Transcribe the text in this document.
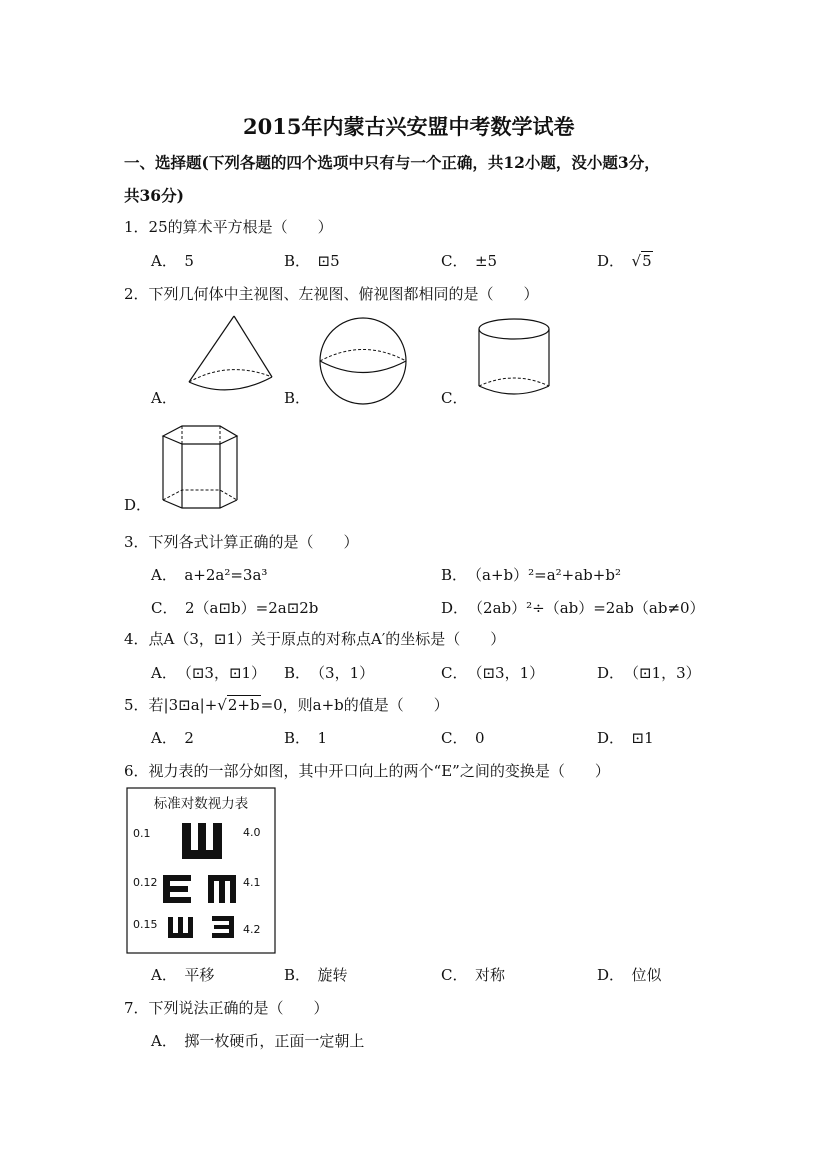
2015年内蒙古兴安盟中考数学试卷
一、选择题(下列各题的四个选项中只有与一个正确，共12小题，没小题3分，
共36分)
1．25的算术平方根是（　　）
A．　5	B．　⊡5	C．　±5	D．　√5
2．下列几何体中主视图、左视图、俯视图都相同的是（　　）
A．	B．	C．
D．
3．下列各式计算正确的是（　　）
A．　a+2a²=3a³	B．　（a+b）²=a²+ab+b²
C．　2（a⊡b）=2a⊡2b	D．　（2ab）²÷（ab）=2ab（ab≠0）
4．点A（3，⊡1）关于原点的对称点A′的坐标是（　　）
A．　（⊡3，⊡1） B．　（3，1）	C．　（⊡3，1）	D．　（⊡1，3）
5．若|3⊡a|+√2+b=0，则a+b的值是（　　）
A．　2	B．　1	C．　0	D．　⊡1
6．视力表的一部分如图，其中开口向上的两个“E”之间的变换是（　　）
标准对数视力表
0.1
0.12
0.15
4.0
4.1
4.2
A．　平移	B．　旋转	C．　对称	D．　位似
7．下列说法正确的是（　　）
A．　掷一枚硬币，正面一定朝上
